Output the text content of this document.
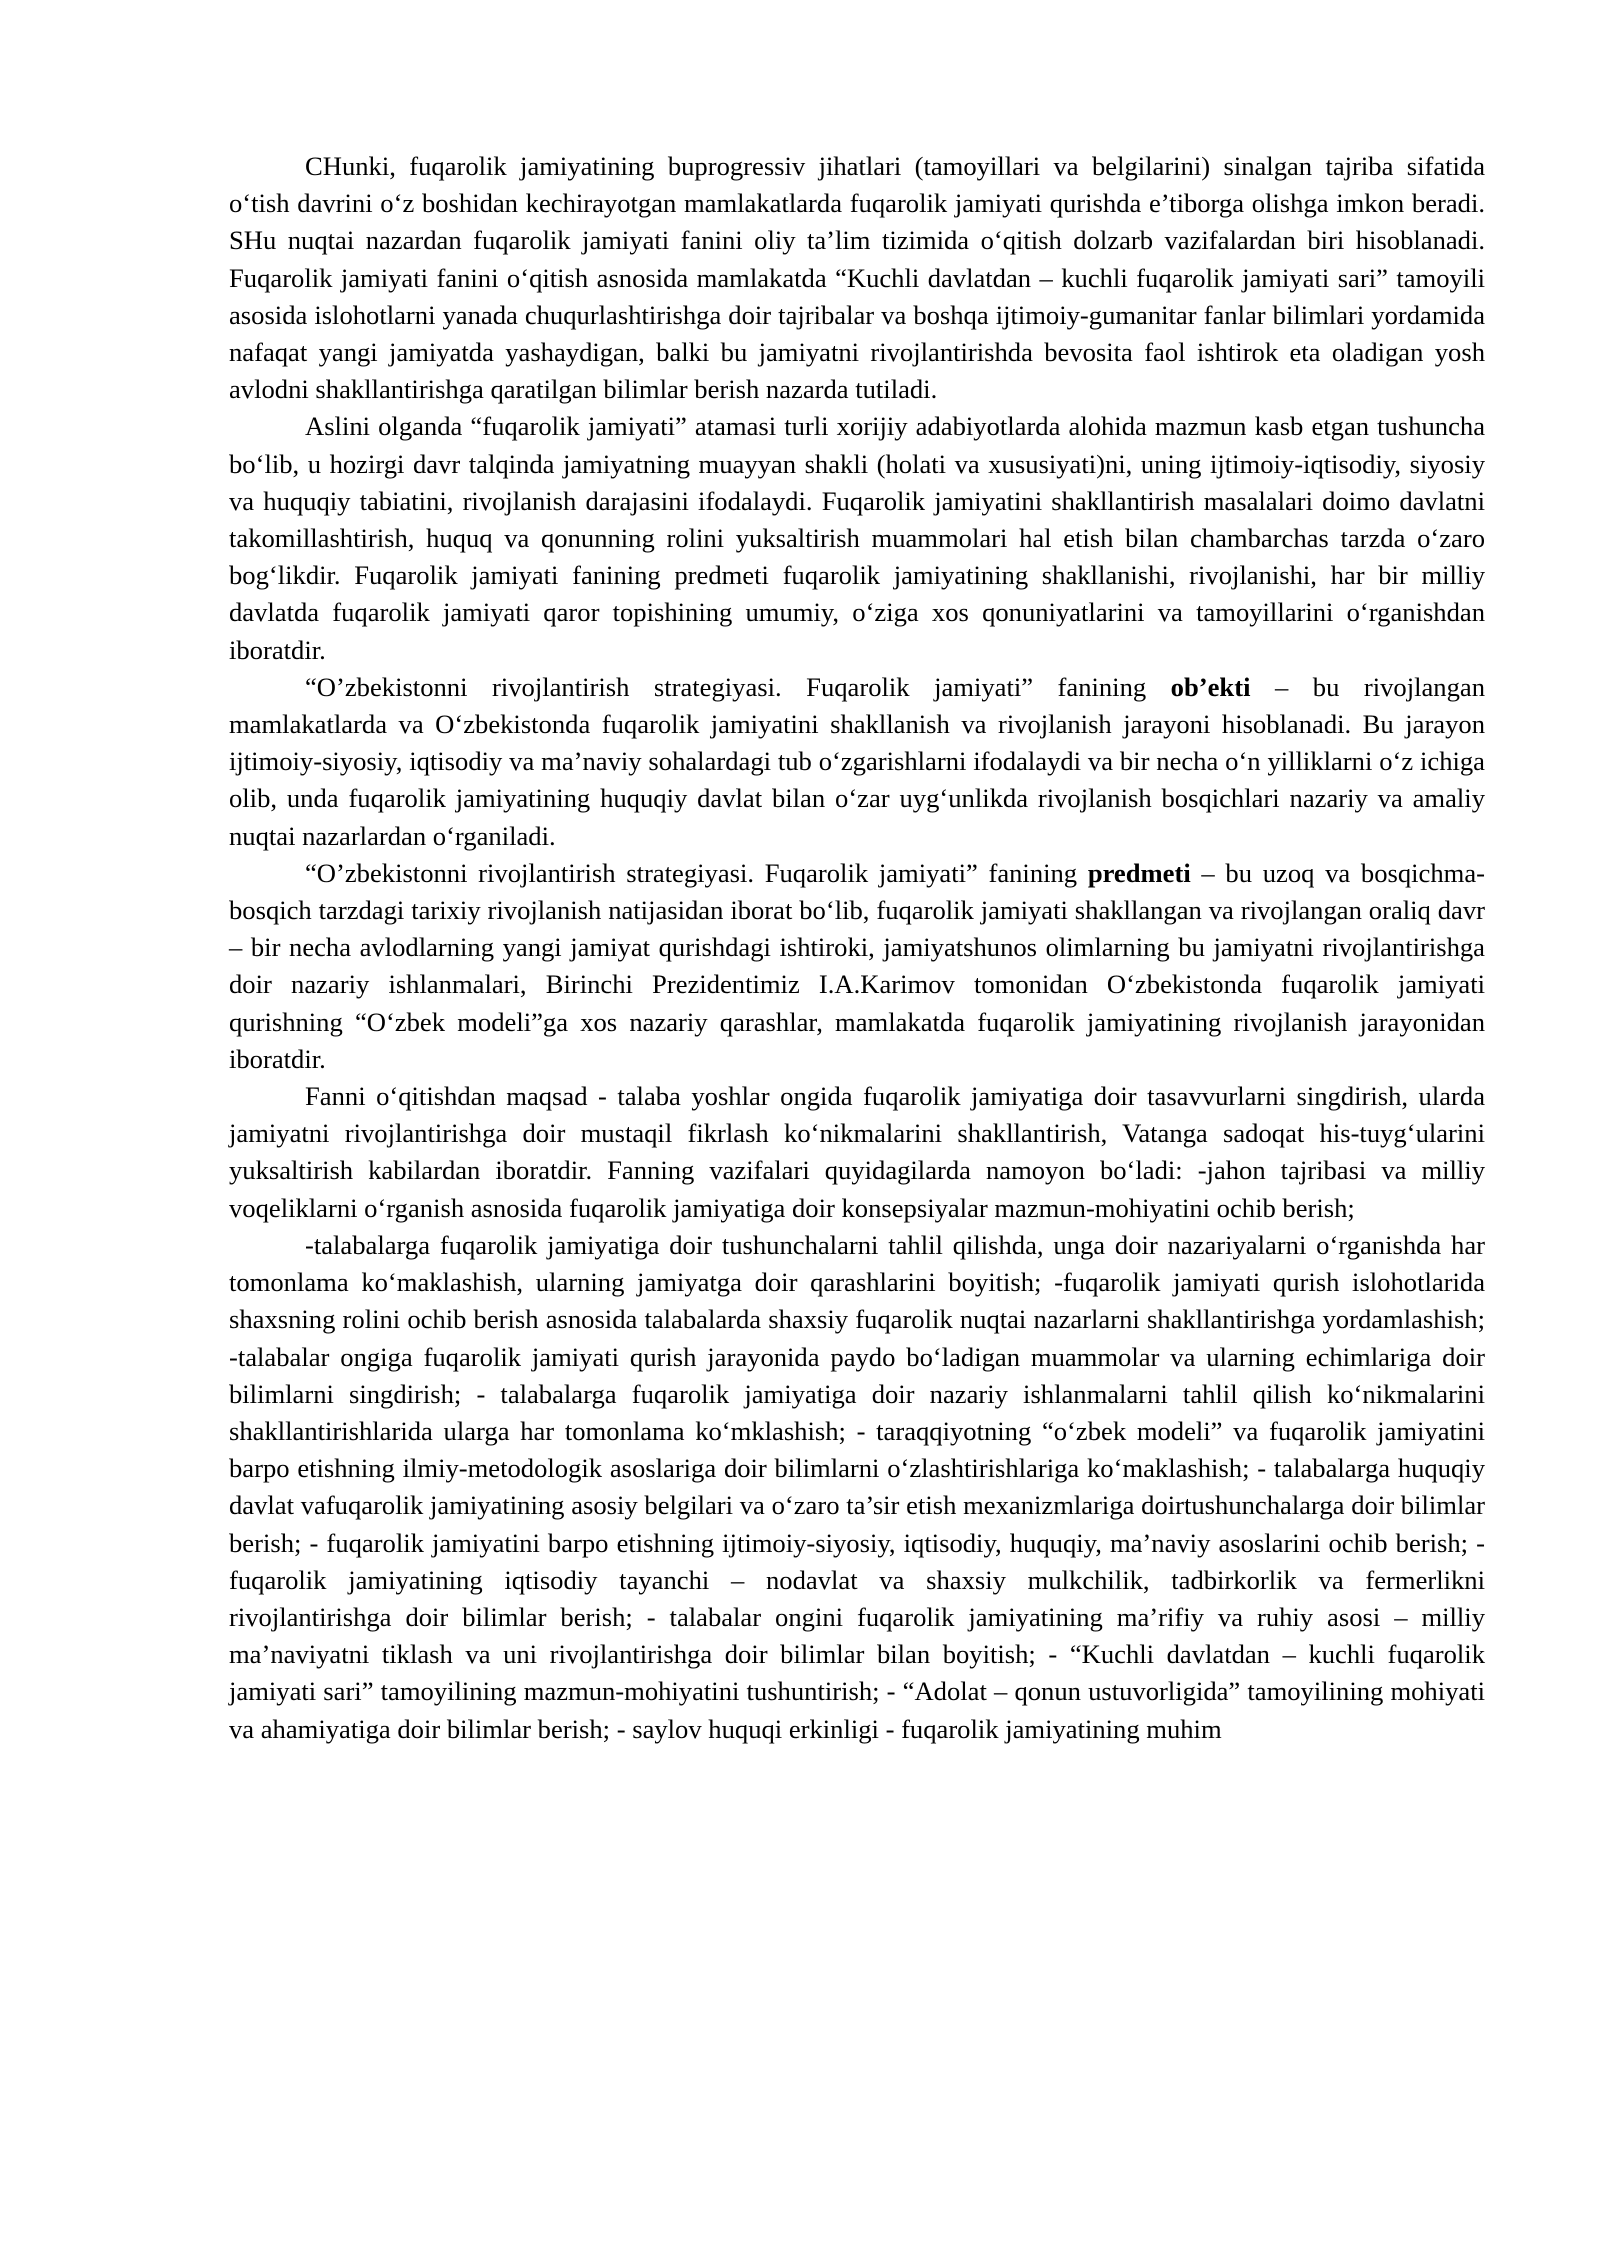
CHunki, fuqarolik jamiyatining buprogressiv jihatlari (tamoyillari va belgilarini) sinalgan tajriba sifatida o‘tish davrini o‘z boshidan kechirayotgan mamlakatlarda fuqarolik jamiyati qurishda e’tiborga olishga imkon beradi. SHu nuqtai nazardan fuqarolik jamiyati fanini oliy ta’lim tizimida o‘qitish dolzarb vazifalardan biri hisoblanadi. Fuqarolik jamiyati fanini o‘qitish asnosida mamlakatda “Kuchli davlatdan – kuchli fuqarolik jamiyati sari” tamoyili asosida islohotlarni yanada chuqurlashtirishga doir tajribalar va boshqa ijtimoiy-gumanitar fanlar bilimlari yordamida nafaqat yangi jamiyatda yashaydigan, balki bu jamiyatni rivojlantirishda bevosita faol ishtirok eta oladigan yosh avlodni shakllantirishga qaratilgan bilimlar berish nazarda tutiladi.

Aslini olganda “fuqarolik jamiyati” atamasi turli xorijiy adabiyotlarda alohida mazmun kasb etgan tushuncha bo‘lib, u hozirgi davr talqinda jamiyatning muayyan shakli (holati va xususiyati)ni, uning ijtimoiy-iqtisodiy, siyosiy va huquqiy tabiatini, rivojlanish darajasini ifodalaydi. Fuqarolik jamiyatini shakllantirish masalalari doimo davlatni takomillashtirish, huquq va qonunning rolini yuksaltirish muammolari hal etish bilan chambarchas tarzda o‘zaro bog‘likdir. Fuqarolik jamiyati fanining predmeti fuqarolik jamiyatining shakllanishi, rivojlanishi, har bir milliy davlatda fuqarolik jamiyati qaror topishining umumiy, o‘ziga xos qonuniyatlarini va tamoyillarini o‘rganishdan iboratdir.

“O’zbekistonni rivojlantirish strategiyasi. Fuqarolik jamiyati” fanining ob’ekti – bu rivojlangan mamlakatlarda va O‘zbekistonda fuqarolik jamiyatini shakllanish va rivojlanish jarayoni hisoblanadi. Bu jarayon ijtimoiy-siyosiy, iqtisodiy va ma’naviy sohalardagi tub o‘zgarishlarni ifodalaydi va bir necha o‘n yilliklarni o‘z ichiga olib, unda fuqarolik jamiyatining huquqiy davlat bilan o‘zar uyg‘unlikda rivojlanish bosqichlari nazariy va amaliy nuqtai nazarlardan o‘rganiladi.

“O’zbekistonni rivojlantirish strategiyasi. Fuqarolik jamiyati” fanining predmeti – bu uzoq va bosqichma-bosqich tarzdagi tarixiy rivojlanish natijasidan iborat bo‘lib, fuqarolik jamiyati shakllangan va rivojlangan oraliq davr – bir necha avlodlarning yangi jamiyat qurishdagi ishtiroki, jamiyatshunos olimlarning bu jamiyatni rivojlantirishga doir nazariy ishlanmalari, Birinchi Prezidentimiz I.A.Karimov tomonidan O‘zbekistonda fuqarolik jamiyati qurishning “O‘zbek modeli”ga xos nazariy qarashlar, mamlakatda fuqarolik jamiyatining rivojlanish jarayonidan iboratdir.

Fanni o‘qitishdan maqsad - talaba yoshlar ongida fuqarolik jamiyatiga doir tasavvurlarni singdirish, ularda jamiyatni rivojlantirishga doir mustaqil fikrlash ko‘nikmalarini shakllantirish, Vatanga sadoqat his-tuyg‘ularini yuksaltirish kabilardan iboratdir. Fanning vazifalari quyidagilarda namoyon bo‘ladi: -jahon tajribasi va milliy voqeliklarni o‘rganish asnosida fuqarolik jamiyatiga doir konsepsiyalar mazmun-mohiyatini ochib berish;

-talabalarga fuqarolik jamiyatiga doir tushunchalarni tahlil qilishda, unga doir nazariyalarni o‘rganishda har tomonlama ko‘maklashish, ularning jamiyatga doir qarashlarini boyitish; -fuqarolik jamiyati qurish islohotlarida shaxsning rolini ochib berish asnosida talabalarda shaxsiy fuqarolik nuqtai nazarlarni shakllantirishga yordamlashish; -talabalar ongiga fuqarolik jamiyati qurish jarayonida paydo bo‘ladigan muammolar va ularning echimlariga doir bilimlarni singdirish; - talabalarga fuqarolik jamiyatiga doir nazariy ishlanmalarni tahlil qilish ko‘nikmalarini shakllantirishlarida ularga har tomonlama ko‘mklashish; - taraqqiyotning “o‘zbek modeli” va fuqarolik jamiyatini barpo etishning ilmiy-metodologik asoslariga doir bilimlarni o‘zlashtirishlariga ko‘maklashish; - talabalarga huquqiy davlat vafuqarolik jamiyatining asosiy belgilari va o‘zaro ta’sir etish mexanizmlariga doirtushunchalarga doir bilimlar berish; - fuqarolik jamiyatini barpo etishning ijtimoiy-siyosiy, iqtisodiy, huquqiy, ma’naviy asoslarini ochib berish; - fuqarolik jamiyatining iqtisodiy tayanchi – nodavlat va shaxsiy mulkchilik, tadbirkorlik va fermerlikni rivojlantirishga doir bilimlar berish; - talabalar ongini fuqarolik jamiyatining ma’rifiy va ruhiy asosi – milliy ma’naviyatni tiklash va uni rivojlantirishga doir bilimlar bilan boyitish; - “Kuchli davlatdan – kuchli fuqarolik jamiyati sari” tamoyilining mazmun-mohiyatini tushuntirish; - “Adolat – qonun ustuvorligida” tamoyilining mohiyati va ahamiyatiga doir bilimlar berish; - saylov huquqi erkinligi - fuqarolik jamiyatining muhim
